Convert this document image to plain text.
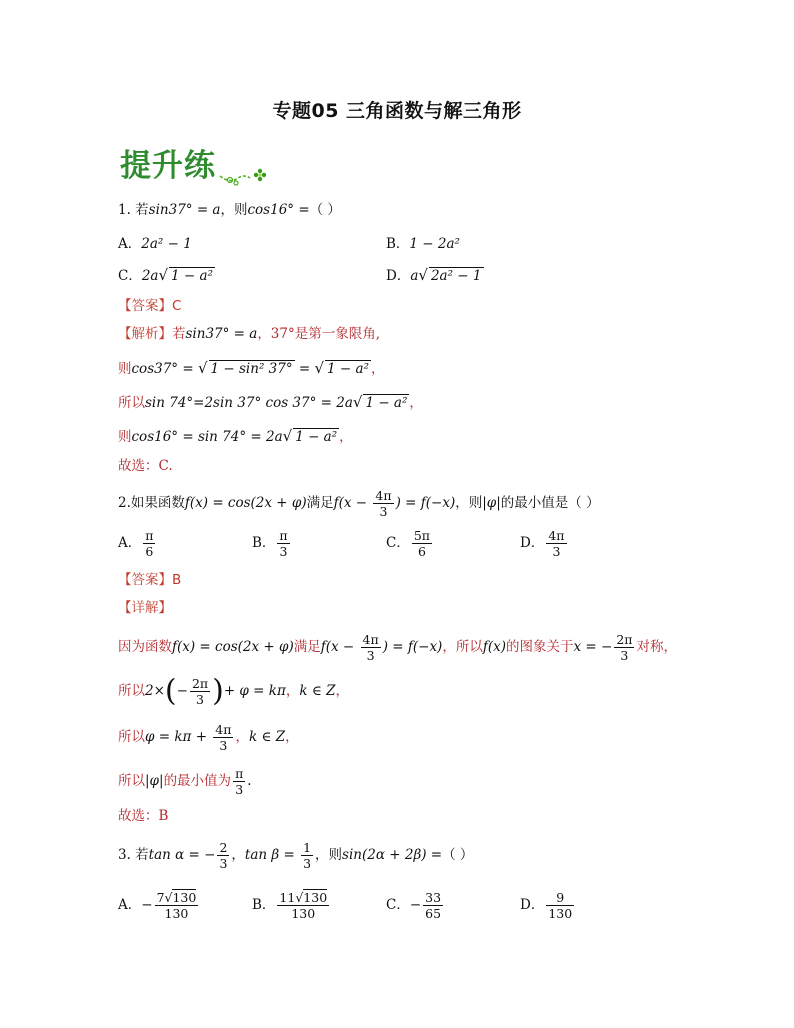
专题05 三角函数与解三角形
提升练
1. 若sin37° = a，则cos16° =（ ）
A．2a² − 1	B．1 − 2a²
C．2a√ 1 − a²	D．a√ 2a² − 1
【答案】C
【解析】若sin37° = a，37°是第一象限角,
则cos37° = √ 1 − sin² 37° = √ 1 − a² ，
所以sin 74°=2sin 37° cos 37° = 2a√ 1 − a² ，
则cos16° = sin 74° = 2a√ 1 − a² ，
故选：C.
2.如果函数f(x) = cos(2x + φ)满足$f(x - \frac{4\pi}{3}$ ) = f(−x)，则|φ|的最小值是（ ）
A． $\frac{\pi}{6}$	B． $\frac{\pi}{3}$	C． $\frac{5\pi}{6}$	D． $\frac{4\pi}{3}$
【答案】B
【详解】
因为函数f(x) = cos(2x + φ)满足$f(x - \frac{4\pi}{3}$ ) = f(−x)，所以f(x)的图象关于x = − $\frac{2\pi}{3}$ 对称，
所以$2\times(- \frac{2\pi}{3}$ )+ φ = kπ，k ∈ Z，
所以$\varphi = k\pi + \frac{4\pi}{3}$ ，k ∈ Z，
所以|φ|的最小值为 $\frac{\pi}{3}$ .
故选：B
3. 若tan α = − $\frac{2}{3}$ ，$\tan \beta = \frac{1}{3}$ ，则sin(2α + 2β) =（ ）
A．− $\frac{7√130}{130}$	B． $\frac{11√130}{130}$	C．− $\frac{33}{65}$	D． $\frac{9}{130}$
